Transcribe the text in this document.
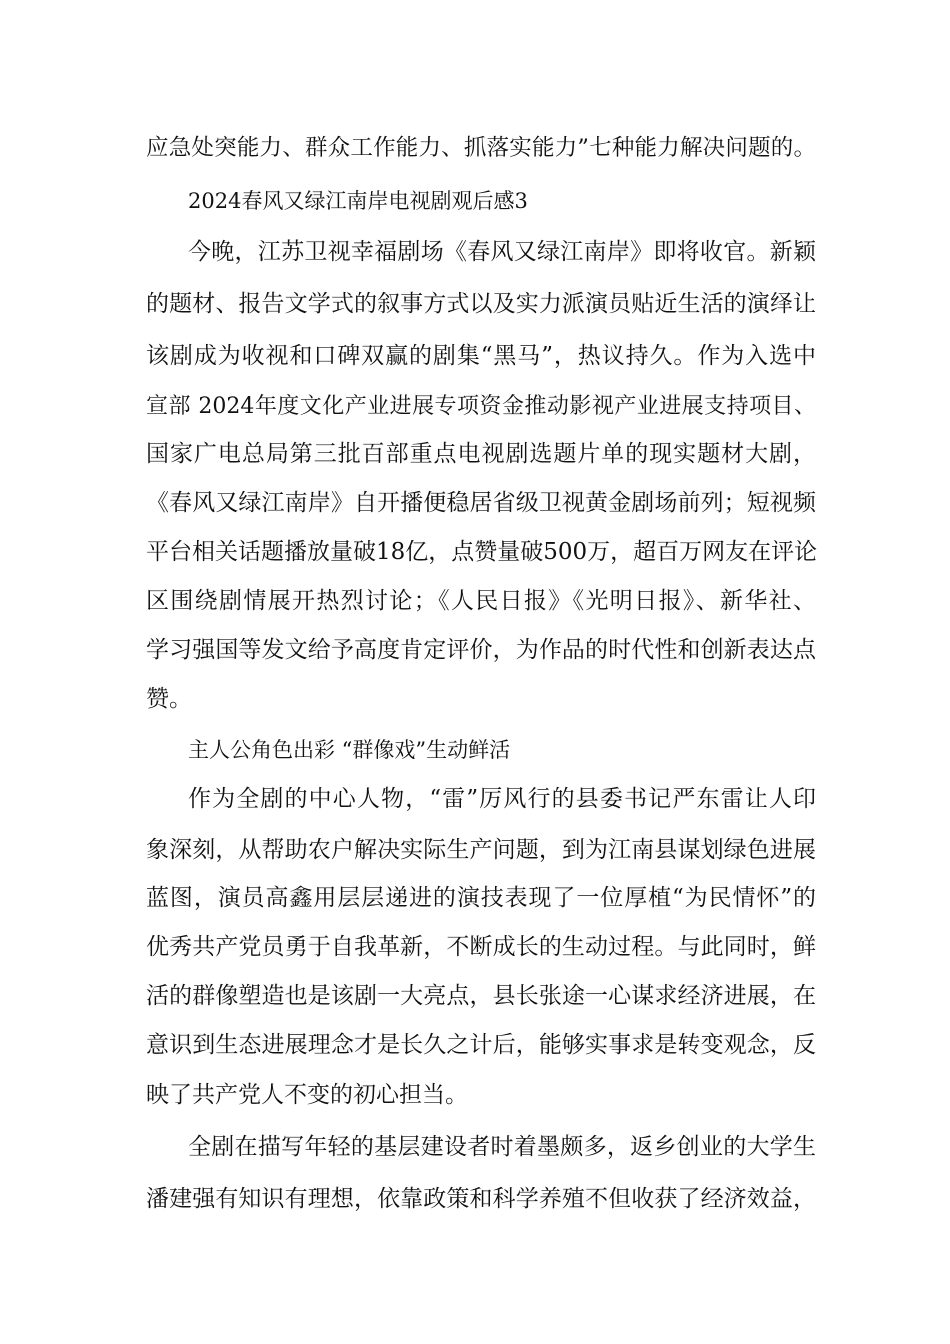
应急处突能力、群众工作能力、抓落实能力”七种能力解决问题的。
2024春风又绿江南岸电视剧观后感3
今晚，江苏卫视幸福剧场《春风又绿江南岸》即将收官。新颖
的题材、报告文学式的叙事方式以及实力派演员贴近生活的演绎让
该剧成为收视和口碑双赢的剧集“黑马”，热议持久。作为入选中
宣部 2024年度文化产业进展专项资金推动影视产业进展支持项目、
国家广电总局第三批百部重点电视剧选题片单的现实题材大剧，
《春风又绿江南岸》自开播便稳居省级卫视黄金剧场前列；短视频
平台相关话题播放量破18亿，点赞量破500万，超百万网友在评论
区围绕剧情展开热烈讨论；《人民日报》《光明日报》、新华社、
学习强国等发文给予高度肯定评价，为作品的时代性和创新表达点
赞。
主人公角色出彩 “群像戏”生动鲜活
作为全剧的中心人物，“雷”厉风行的县委书记严东雷让人印
象深刻，从帮助农户解决实际生产问题，到为江南县谋划绿色进展
蓝图，演员高鑫用层层递进的演技表现了一位厚植“为民情怀”的
优秀共产党员勇于自我革新，不断成长的生动过程。与此同时，鲜
活的群像塑造也是该剧一大亮点，县长张途一心谋求经济进展，在
意识到生态进展理念才是长久之计后，能够实事求是转变观念，反
映了共产党人不变的初心担当。
全剧在描写年轻的基层建设者时着墨颇多，返乡创业的大学生
潘建强有知识有理想，依靠政策和科学养殖不但收获了经济效益，
